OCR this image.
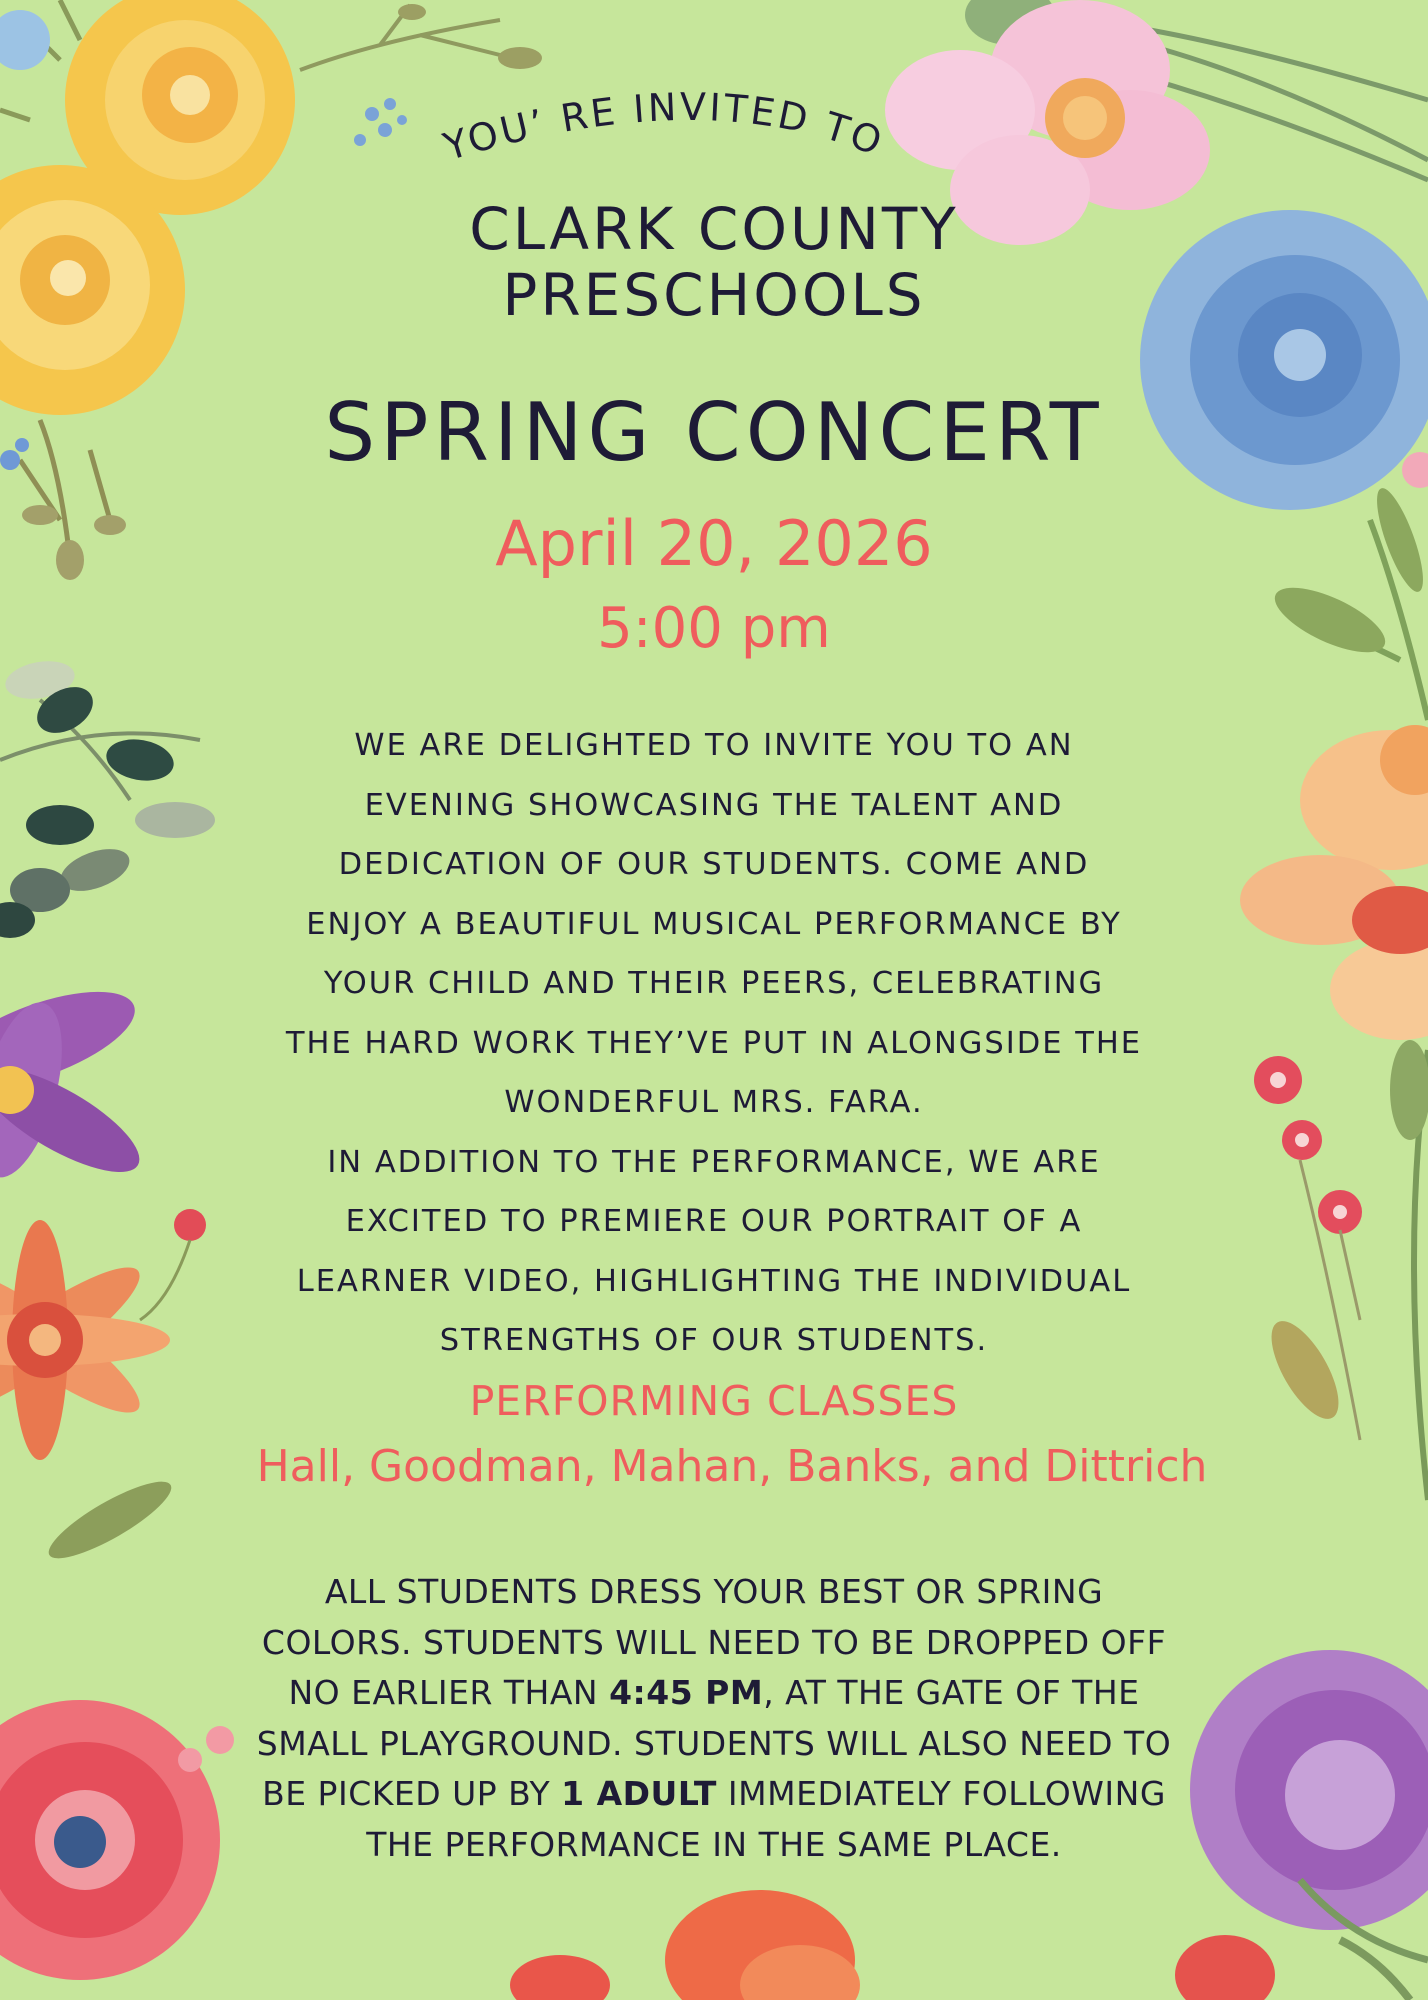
YOU’ RE INVITED TO
CLARK COUNTY
PRESCHOOLS
SPRING CONCERT
April 20, 2026
5:00 pm
WE ARE DELIGHTED TO INVITE YOU TO AN
EVENING SHOWCASING THE TALENT AND
DEDICATION OF OUR STUDENTS. COME AND
ENJOY A BEAUTIFUL MUSICAL PERFORMANCE BY
YOUR CHILD AND THEIR PEERS, CELEBRATING
THE HARD WORK THEY’VE PUT IN ALONGSIDE THE
WONDERFUL MRS. FARA.
IN ADDITION TO THE PERFORMANCE, WE ARE
EXCITED TO PREMIERE OUR PORTRAIT OF A
LEARNER VIDEO, HIGHLIGHTING THE INDIVIDUAL
STRENGTHS OF OUR STUDENTS.
PERFORMING CLASSES
Hall, Goodman, Mahan, Banks, and Dittrich
ALL STUDENTS DRESS YOUR BEST OR SPRING
COLORS. STUDENTS WILL NEED TO BE DROPPED OFF
NO EARLIER THAN 4:45 PM, AT THE GATE OF THE
SMALL PLAYGROUND. STUDENTS WILL ALSO NEED TO
BE PICKED UP BY 1 ADULT IMMEDIATELY FOLLOWING
THE PERFORMANCE IN THE SAME PLACE.
